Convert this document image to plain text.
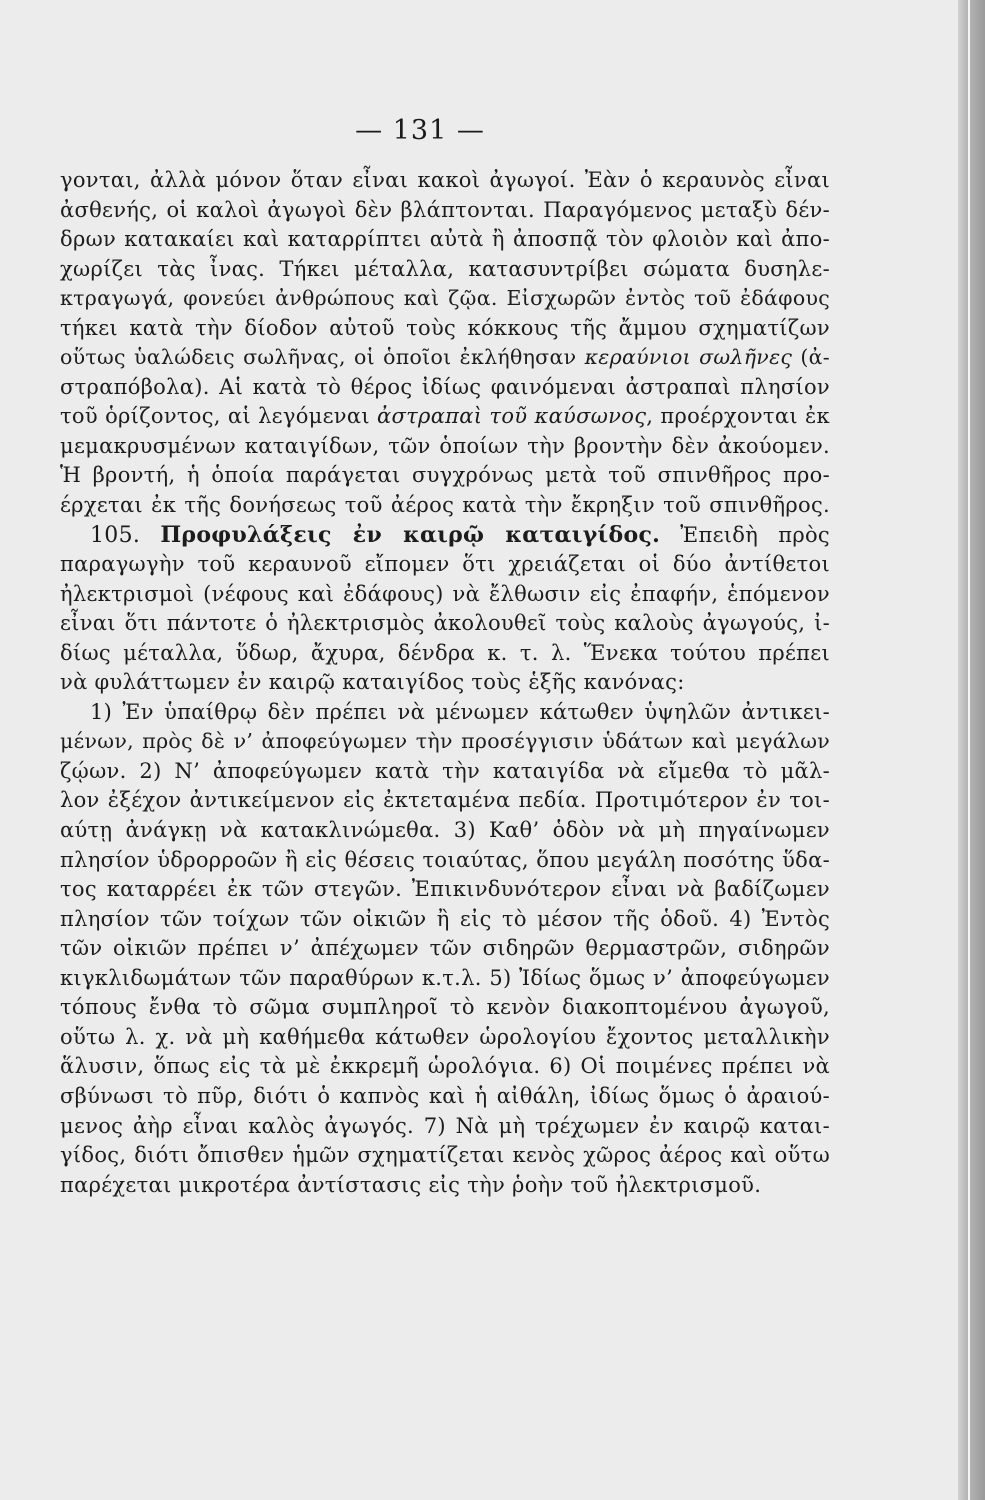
— 131 —
γονται, ἀλλὰ μόνον ὅταν εἶναι κακοὶ ἀγωγοί. Ἐὰν ὁ κεραυνὸς εἶναι
ἀσθενής, οἱ καλοὶ ἀγωγοὶ δὲν βλάπτονται. Παραγόμενος μεταξὺ δέν-
δρων κατακαίει καὶ καταρρίπτει αὐτὰ ἢ ἀποσπᾷ τὸν φλοιὸν καὶ ἀπο-
χωρίζει τὰς ἶνας. Τήκει μέταλλα, κατασυντρίβει σώματα δυσηλε-
κτραγωγά, φονεύει ἀνθρώπους καὶ ζῷα. Εἰσχωρῶν ἐντὸς τοῦ ἐδάφους
τήκει κατὰ τὴν δίοδον αὐτοῦ τοὺς κόκκους τῆς ἄμμου σχηματίζων
οὕτως ὑαλώδεις σωλῆνας, οἱ ὁποῖοι ἐκλήθησαν κεραύνιοι σωλῆνες (ἀ-
στραπόβολα). Αἱ κατὰ τὸ θέρος ἰδίως φαινόμεναι ἀστραπαὶ πλησίον
τοῦ ὁρίζοντος, αἱ λεγόμεναι ἀστραπαὶ τοῦ καύσωνος, προέρχονται ἐκ
μεμακρυσμένων καταιγίδων, τῶν ὁποίων τὴν βροντὴν δὲν ἀκούομεν.
Ἡ βροντή, ἡ ὁποία παράγεται συγχρόνως μετὰ τοῦ σπινθῆρος προ-
έρχεται ἐκ τῆς δονήσεως τοῦ ἀέρος κατὰ τὴν ἔκρηξιν τοῦ σπινθῆρος.
105. Προφυλάξεις ἐν καιρῷ καταιγίδος. Ἐπειδὴ πρὸς
παραγωγὴν τοῦ κεραυνοῦ εἴπομεν ὅτι χρειάζεται οἱ δύο ἀντίθετοι
ἠλεκτρισμοὶ (νέφους καὶ ἐδάφους) νὰ ἔλθωσιν εἰς ἐπαφήν, ἑπόμενον
εἶναι ὅτι πάντοτε ὁ ἠλεκτρισμὸς ἀκολουθεῖ τοὺς καλοὺς ἀγωγούς, ἰ-
δίως μέταλλα, ὕδωρ, ἄχυρα, δένδρα κ. τ. λ. Ἕνεκα τούτου πρέπει
νὰ φυλάττωμεν ἐν καιρῷ καταιγίδος τοὺς ἑξῆς κανόνας:
1) Ἐν ὑπαίθρῳ δὲν πρέπει νὰ μένωμεν κάτωθεν ὑψηλῶν ἀντικει-
μένων, πρὸς δὲ ν’ ἀποφεύγωμεν τὴν προσέγγισιν ὑδάτων καὶ μεγάλων
ζῴων. 2) Ν’ ἀποφεύγωμεν κατὰ τὴν καταιγίδα νὰ εἴμεθα τὸ μᾶλ-
λον ἐξέχον ἀντικείμενον εἰς ἐκτεταμένα πεδία. Προτιμότερον ἐν τοι-
αύτῃ ἀνάγκῃ νὰ κατακλινώμεθα. 3) Καθ’ ὁδὸν νὰ μὴ πηγαίνωμεν
πλησίον ὑδρορροῶν ἢ εἰς θέσεις τοιαύτας, ὅπου μεγάλη ποσότης ὕδα-
τος καταρρέει ἐκ τῶν στεγῶν. Ἐπικινδυνότερον εἶναι νὰ βαδίζωμεν
πλησίον τῶν τοίχων τῶν οἰκιῶν ἢ εἰς τὸ μέσον τῆς ὁδοῦ. 4) Ἐντὸς
τῶν οἰκιῶν πρέπει ν’ ἀπέχωμεν τῶν σιδηρῶν θερμαστρῶν, σιδηρῶν
κιγκλιδωμάτων τῶν παραθύρων κ.τ.λ. 5) Ἰδίως ὅμως ν’ ἀποφεύγωμεν
τόπους ἔνθα τὸ σῶμα συμπληροῖ τὸ κενὸν διακοπτομένου ἀγωγοῦ,
οὕτω λ. χ. νὰ μὴ καθήμεθα κάτωθεν ὡρολογίου ἔχοντος μεταλλικὴν
ἅλυσιν, ὅπως εἰς τὰ μὲ ἐκκρεμῆ ὡρολόγια. 6) Οἱ ποιμένες πρέπει νὰ
σβύνωσι τὸ πῦρ, διότι ὁ καπνὸς καὶ ἡ αἰθάλη, ἰδίως ὅμως ὁ ἀραιού-
μενος ἀὴρ εἶναι καλὸς ἀγωγός. 7) Νὰ μὴ τρέχωμεν ἐν καιρῷ καται-
γίδος, διότι ὄπισθεν ἡμῶν σχηματίζεται κενὸς χῶρος ἀέρος καὶ οὕτω
παρέχεται μικροτέρα ἀντίστασις εἰς τὴν ῥοὴν τοῦ ἠλεκτρισμοῦ.
